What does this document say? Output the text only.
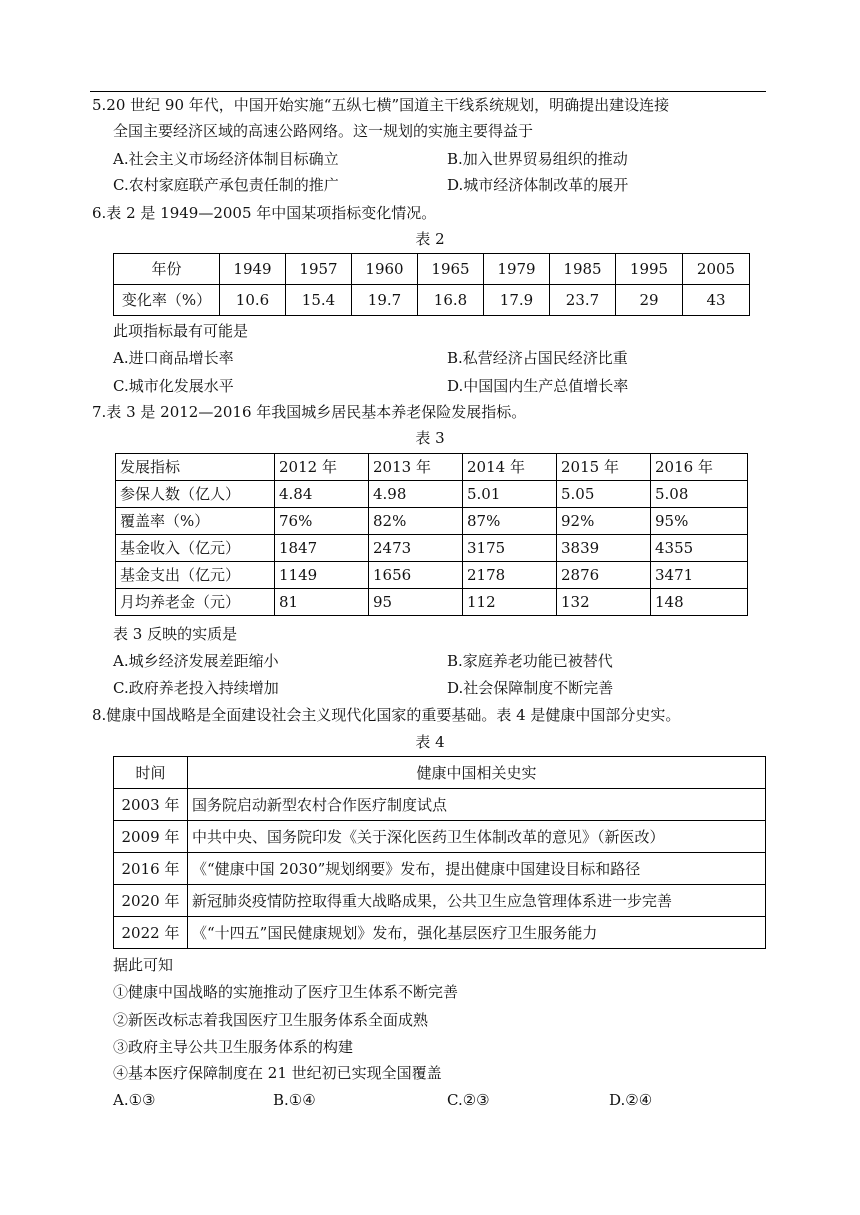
5.20 世纪 90 年代，中国开始实施“五纵七横”国道主干线系统规划，明确提出建设连接
全国主要经济区域的高速公路网络。这一规划的实施主要得益于
A.社会主义市场经济体制目标确立	B.加入世界贸易组织的推动
C.农村家庭联产承包责任制的推广	D.城市经济体制改革的展开
6.表 2 是 1949—2005 年中国某项指标变化情况。
表 2
年份	1949	1957	1960	1965	1979	1985	1995	2005
变化率（%）	10.6	15.4	19.7	16.8	17.9	23.7	29	43
此项指标最有可能是
A.进口商品增长率	B.私营经济占国民经济比重
C.城市化发展水平	D.中国国内生产总值增长率
7.表 3 是 2012—2016 年我国城乡居民基本养老保险发展指标。
表 3
发展指标	2012 年	2013 年	2014 年	2015 年	2016 年
参保人数（亿人）	4.84	4.98	5.01	5.05	5.08
覆盖率（%）	76%	82%	87%	92%	95%
基金收入（亿元）	1847	2473	3175	3839	4355
基金支出（亿元）	1149	1656	2178	2876	3471
月均养老金（元）	81	95	112	132	148
表 3 反映的实质是
A.城乡经济发展差距缩小	B.家庭养老功能已被替代
C.政府养老投入持续增加	D.社会保障制度不断完善
8.健康中国战略是全面建设社会主义现代化国家的重要基础。表 4 是健康中国部分史实。
表 4
时间	健康中国相关史实
2003 年	国务院启动新型农村合作医疗制度试点
2009 年	中共中央、国务院印发《关于深化医药卫生体制改革的意见》（新医改）
2016 年	《“健康中国 2030”规划纲要》发布，提出健康中国建设目标和路径
2020 年	新冠肺炎疫情防控取得重大战略成果，公共卫生应急管理体系进一步完善
2022 年	《“十四五”国民健康规划》发布，强化基层医疗卫生服务能力
据此可知
①健康中国战略的实施推动了医疗卫生体系不断完善
②新医改标志着我国医疗卫生服务体系全面成熟
③政府主导公共卫生服务体系的构建
④基本医疗保障制度在 21 世纪初已实现全国覆盖
A.①③	B.①④	C.②③	D.②④
